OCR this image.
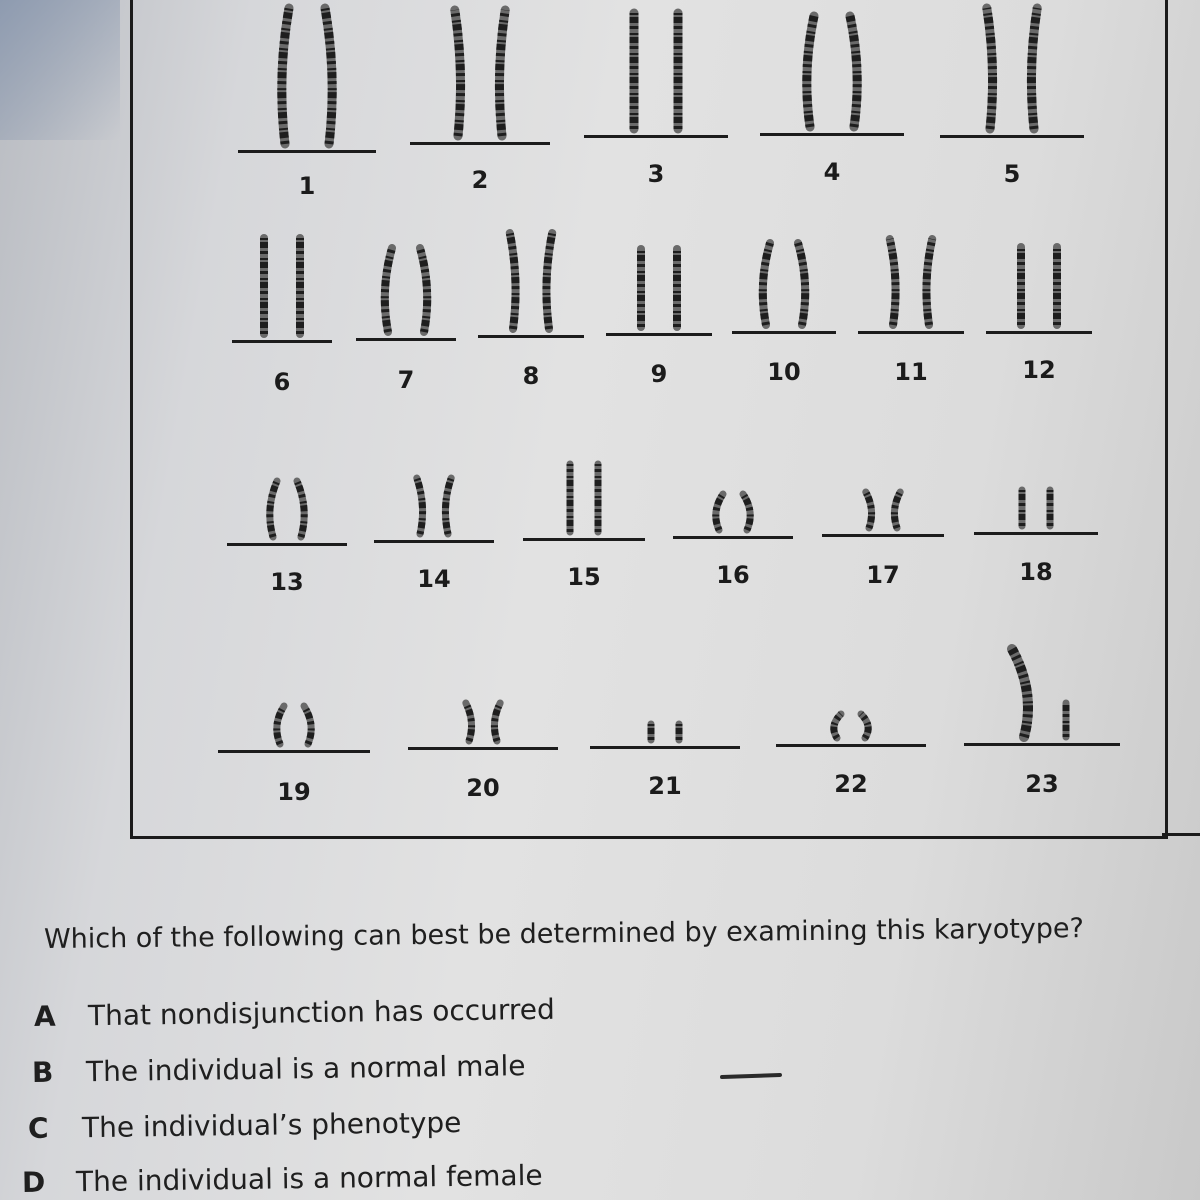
1	2	3	4	5
6	7	8	9	10	11	12
13	14	15	16	17	18
19	20	21	22	23
Which of the following can best be determined by examining this karyotype?
A That nondisjunction has occurred
B The individual is a normal male
C The individual’s phenotype
D The individual is a normal female
